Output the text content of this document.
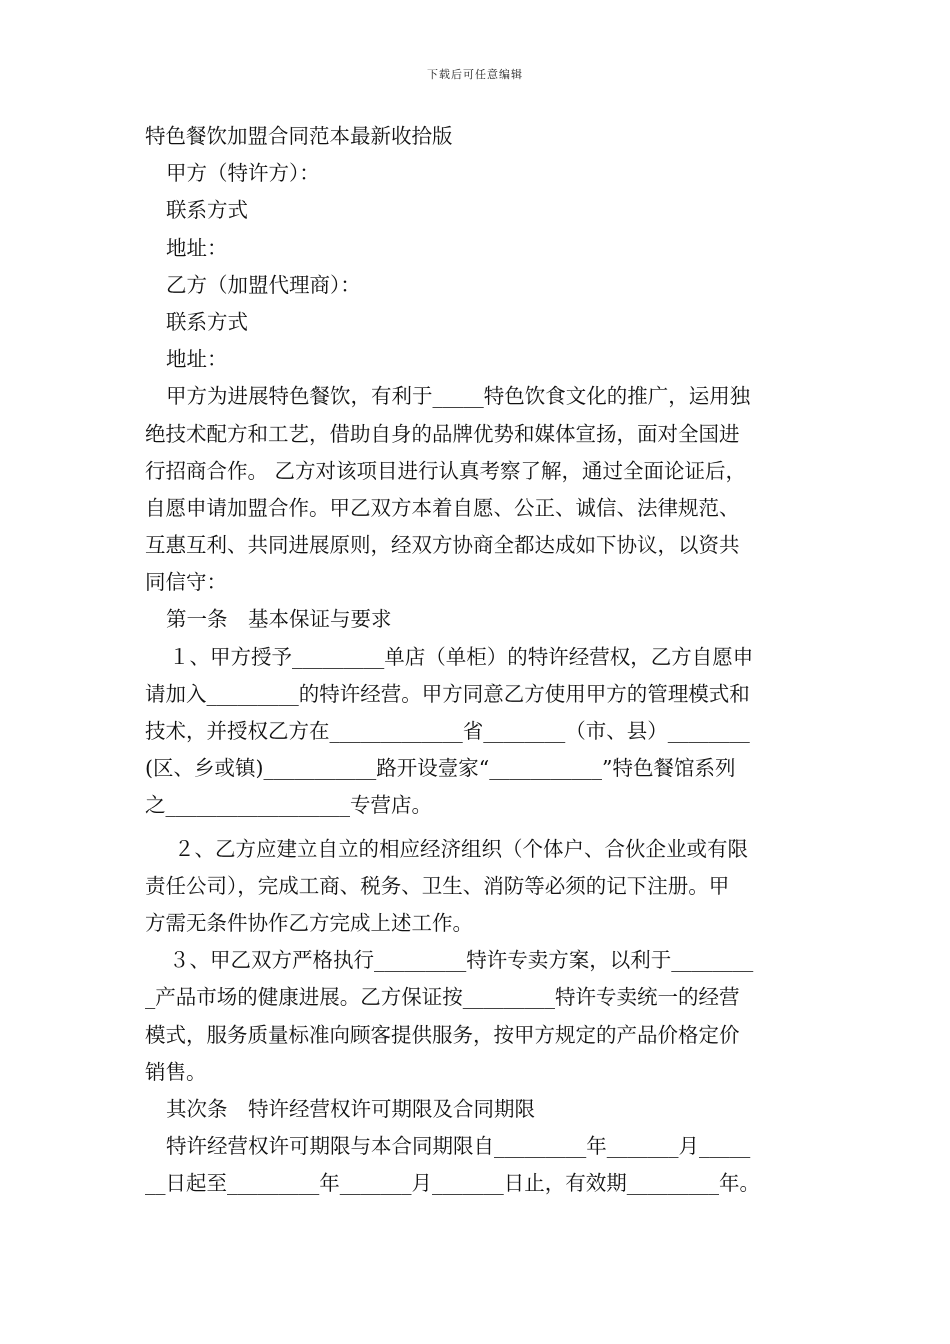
下载后可任意编辑
特色餐饮加盟合同范本最新收拾版
甲方（特许方）：
联系方式
地址：
乙方（加盟代理商）：
联系方式
地址：
甲方为进展特色餐饮，有利于_____特色饮食文化的推广，运用独
绝技术配方和工艺，借助自身的品牌优势和媒体宣扬，面对全国进
行招商合作。 乙方对该项目进行认真考察了解，通过全面论证后，
自愿申请加盟合作。甲乙双方本着自愿、公正、诚信、法律规范、
互惠互利、共同进展原则，经双方协商全都达成如下协议，以资共
同信守：
第一条　基本保证与要求
１、甲方授予_________单店（单柜）的特许经营权，乙方自愿申
请加入_________的特许经营。甲方同意乙方使用甲方的管理模式和
技术，并授权乙方在_____________省________（市、县）________
(区、乡或镇)___________路开设壹家“___________”特色餐馆系列
之__________________专营店。
２、乙方应建立自立的相应经济组织（个体户、合伙企业或有限
责任公司），完成工商、税务、卫生、消防等必须的记下注册。甲
方需无条件协作乙方完成上述工作。
３、甲乙双方严格执行_________特许专卖方案，以利于________
_产品市场的健康进展。乙方保证按_________特许专卖统一的经营
模式，服务质量标准向顾客提供服务，按甲方规定的产品价格定价
销售。
其次条　特许经营权许可期限及合同期限
特许经营权许可期限与本合同期限自_________年_______月_____
__日起至_________年_______月_______日止，有效期_________年。
